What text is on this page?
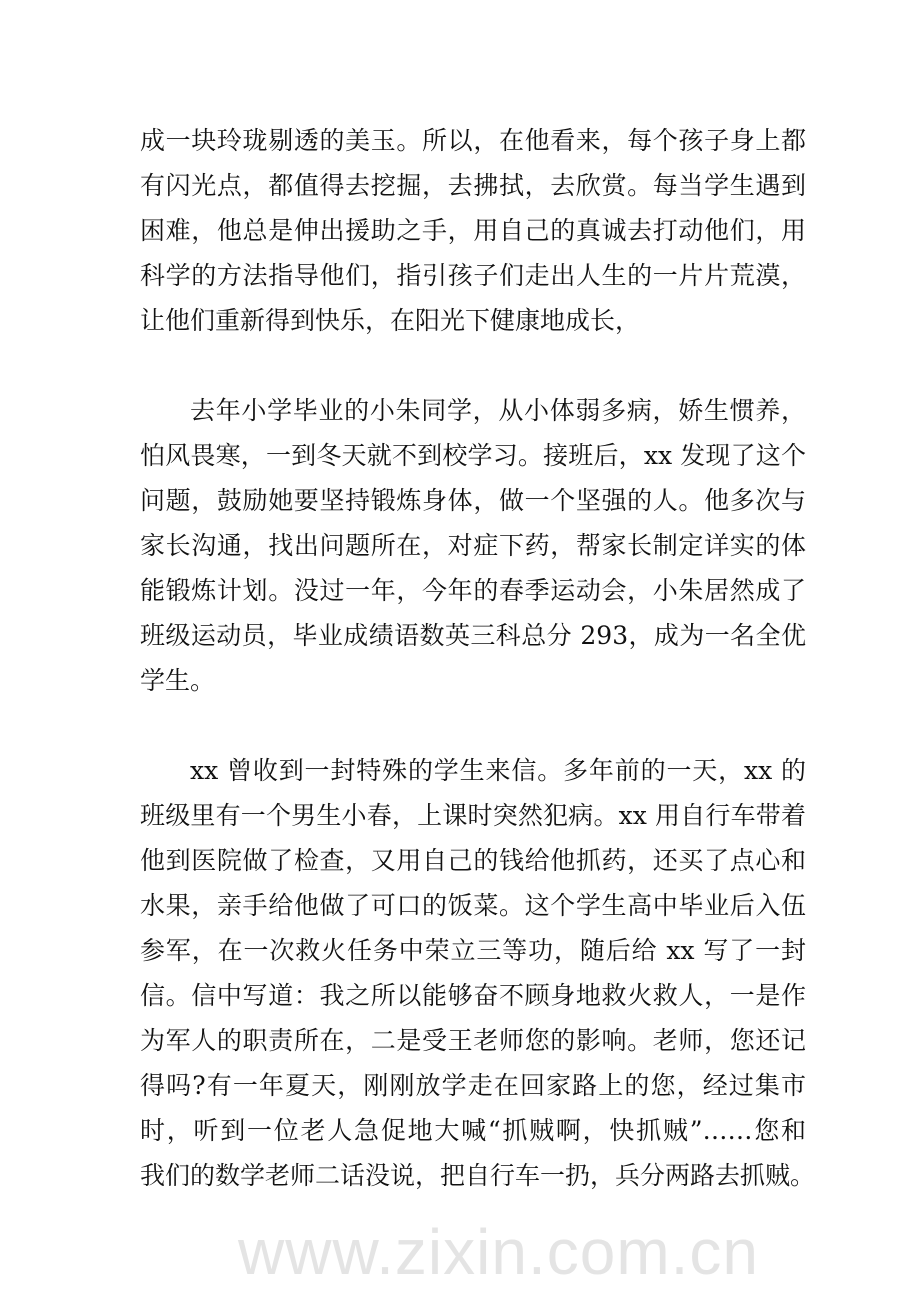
www.zixin.com.cn
成一块玲珑剔透的美玉。所以，在他看来，每个孩子身上都
有闪光点，都值得去挖掘，去拂拭，去欣赏。每当学生遇到
困难，他总是伸出援助之手，用自己的真诚去打动他们，用
科学的方法指导他们，指引孩子们走出人生的一片片荒漠，
让他们重新得到快乐，在阳光下健康地成长，
去年小学毕业的小朱同学，从小体弱多病，娇生惯养，
怕风畏寒，一到冬天就不到校学习。接班后，xx 发现了这个
问题，鼓励她要坚持锻炼身体，做一个坚强的人。他多次与
家长沟通，找出问题所在，对症下药，帮家长制定详实的体
能锻炼计划。没过一年，今年的春季运动会，小朱居然成了
班级运动员，毕业成绩语数英三科总分 293，成为一名全优
学生。
xx 曾收到一封特殊的学生来信。多年前的一天，xx 的
班级里有一个男生小春，上课时突然犯病。xx 用自行车带着
他到医院做了检查，又用自己的钱给他抓药，还买了点心和
水果，亲手给他做了可口的饭菜。这个学生高中毕业后入伍
参军，在一次救火任务中荣立三等功，随后给 xx 写了一封
信。信中写道：我之所以能够奋不顾身地救火救人，一是作
为军人的职责所在，二是受王老师您的影响。老师，您还记
得吗?有一年夏天，刚刚放学走在回家路上的您，经过集市
时，听到一位老人急促地大喊“抓贼啊，快抓贼”……您和
我们的数学老师二话没说，把自行车一扔，兵分两路去抓贼。
